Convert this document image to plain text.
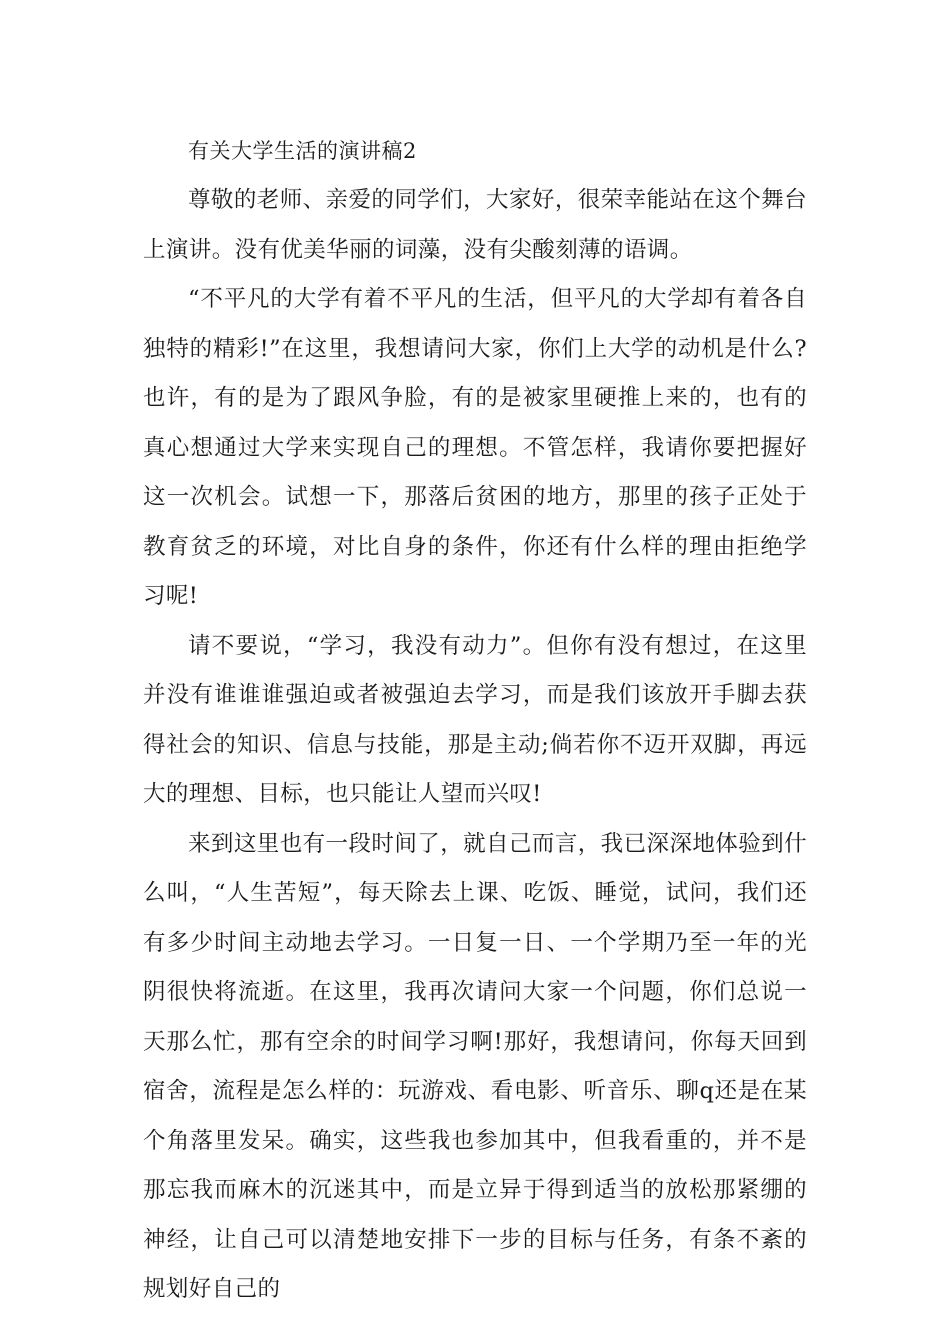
有关大学生活的演讲稿2

尊敬的老师、亲爱的同学们，大家好，很荣幸能站在这个舞台上演讲。没有优美华丽的词藻，没有尖酸刻薄的语调。

“不平凡的大学有着不平凡的生活，但平凡的大学却有着各自独特的精彩!”在这里，我想请问大家，你们上大学的动机是什么?也许，有的是为了跟风争脸，有的是被家里硬推上来的，也有的真心想通过大学来实现自己的理想。不管怎样，我请你要把握好这一次机会。试想一下，那落后贫困的地方，那里的孩子正处于教育贫乏的环境，对比自身的条件，你还有什么样的理由拒绝学习呢!

请不要说，“学习，我没有动力”。但你有没有想过，在这里并没有谁谁谁强迫或者被强迫去学习，而是我们该放开手脚去获得社会的知识、信息与技能，那是主动;倘若你不迈开双脚，再远大的理想、目标，也只能让人望而兴叹!

来到这里也有一段时间了，就自己而言，我已深深地体验到什么叫，“人生苦短”，每天除去上课、吃饭、睡觉，试问，我们还有多少时间主动地去学习。一日复一日、一个学期乃至一年的光阴很快将流逝。在这里，我再次请问大家一个问题，你们总说一天那么忙，那有空余的时间学习啊!那好，我想请问，你每天回到宿舍，流程是怎么样的：玩游戏、看电影、听音乐、聊q还是在某个角落里发呆。确实，这些我也参加其中，但我看重的，并不是那忘我而麻木的沉迷其中，而是立异于得到适当的放松那紧绷的神经，让自己可以清楚地安排下一步的目标与任务，有条不紊的规划好自己的
